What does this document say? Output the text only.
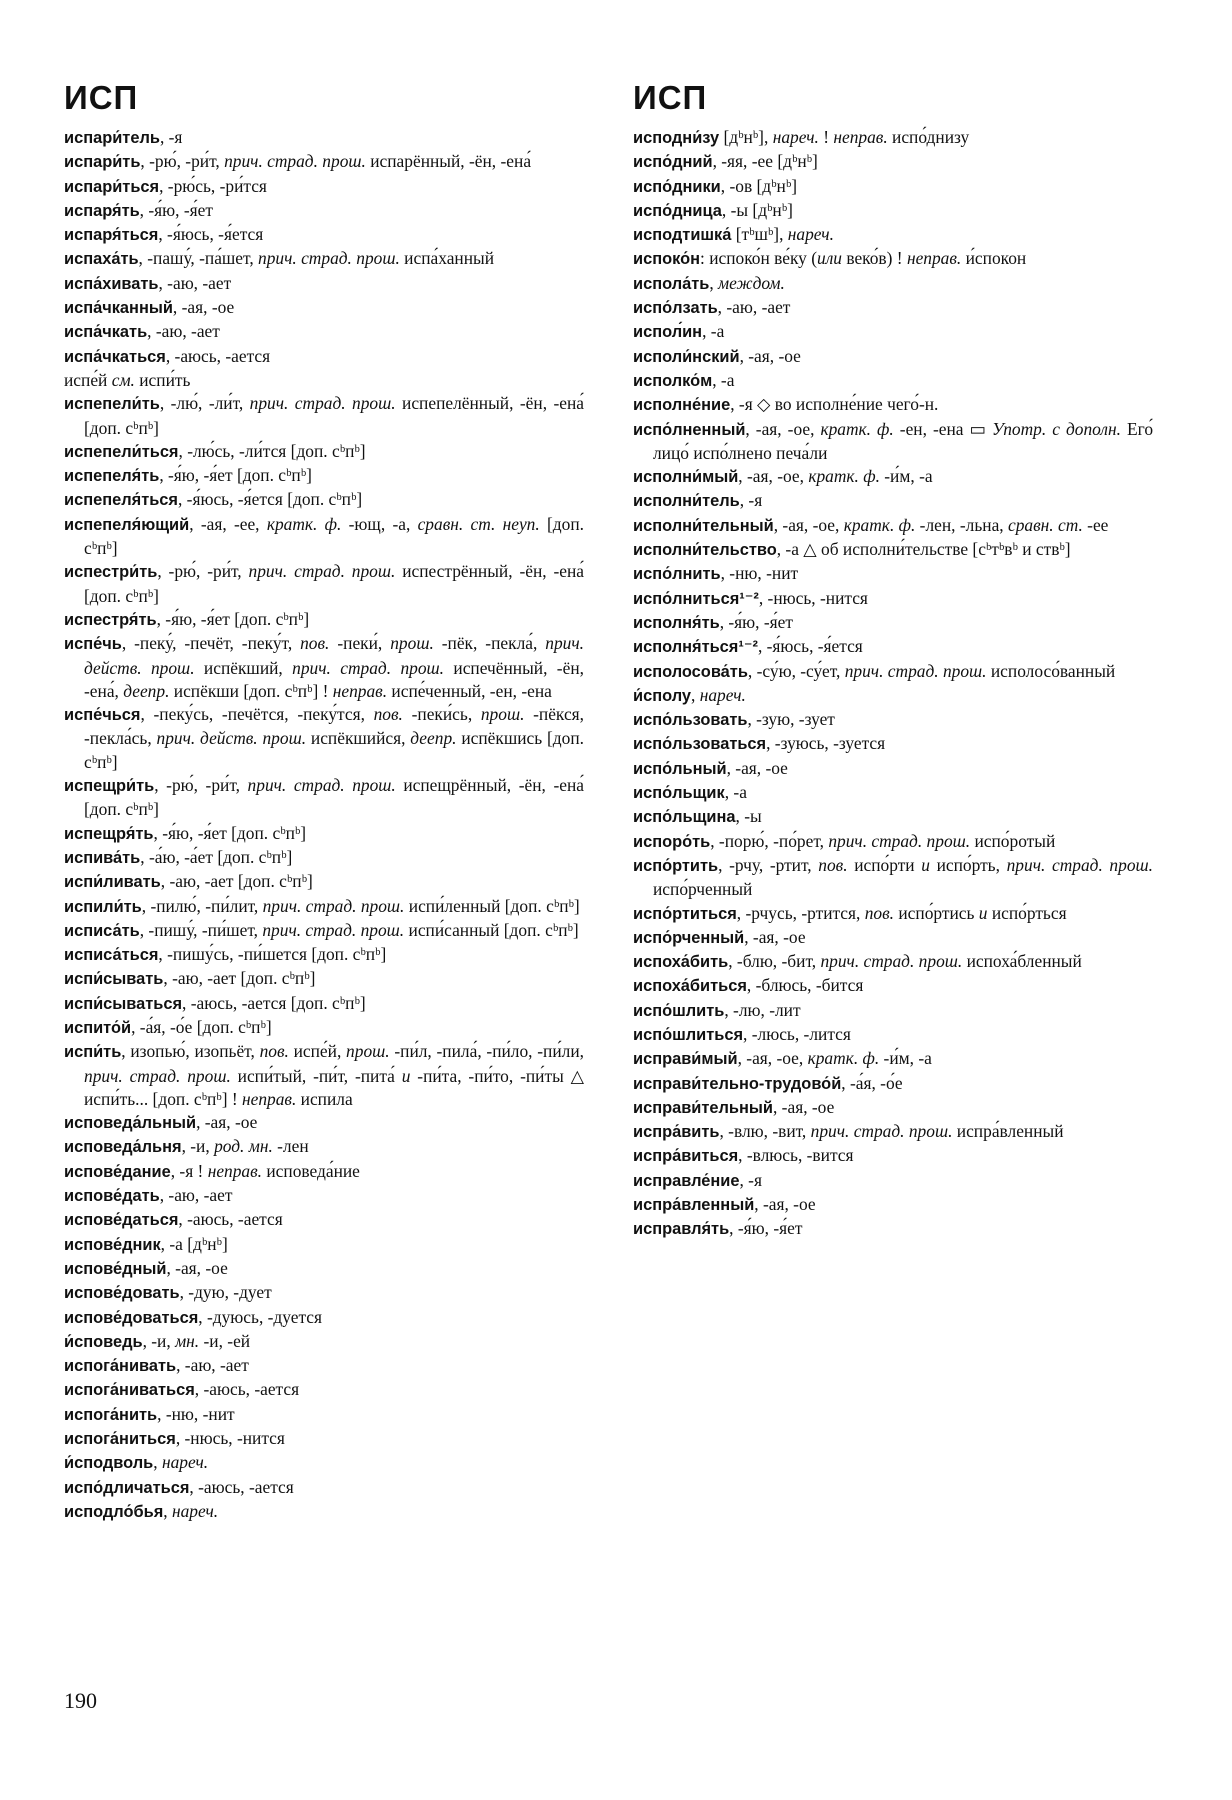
ИСП
испари́тель, -я
испари́ть, -рю́, -ри́т, прич. страд. прош. испарённый, -ён, -ена́
испари́ться, -рю́сь, -ри́тся
испаря́ть, -я́ю, -я́ет
испаря́ться, -я́юсь, -я́ется
испаха́ть, -пашу́, -па́шет, прич. страд. прош. испа́ханный
испа́хивать, -аю, -ает
испа́чканный, -ая, -ое
испа́чкать, -аю, -ает
испа́чкаться, -аюсь, -ается
испе́й см. испи́ть
испепели́ть, -лю́, -ли́т, прич. страд. прош. испепелённый, -ён, -ена́ [доп. сᵇпᵇ]
испепели́ться, -лю́сь, -ли́тся [доп. сᵇпᵇ]
испепеля́ть, -я́ю, -я́ет [доп. сᵇпᵇ]
испепеля́ться, -я́юсь, -я́ется [доп. сᵇпᵇ]
испепеля́ющий, -ая, -ее, кратк. ф. -ющ, -а, сравн. ст. неуп. [доп. сᵇпᵇ]
испестри́ть, -рю́, -ри́т, прич. страд. прош. испестрённый, -ён, -ена́ [доп. сᵇпᵇ]
испестря́ть, -я́ю, -я́ет [доп. сᵇпᵇ]
испе́чь, -пеку́, -печёт, -пеку́т, пов. -пеки́, прош. -пёк, -пекла́, прич. действ. прош. испёкший, прич. страд. прош. испечённый, -ён, -ена́, деепр. испёкши [доп. сᵇпᵇ] ! неправ. испе́ченный, -ен, -ена
испе́чься, -пеку́сь, -печётся, -пеку́тся, пов. -пеки́сь, прош. -пёкся, -пекла́сь, прич. действ. прош. испёкшийся, деепр. испёкшись [доп. сᵇпᵇ]
испещри́ть, -рю́, -ри́т, прич. страд. прош. испещрённый, -ён, -ена́ [доп. сᵇпᵇ]
испещря́ть, -я́ю, -я́ет [доп. сᵇпᵇ]
испива́ть, -а́ю, -а́ет [доп. сᵇпᵇ]
испи́ливать, -аю, -ает [доп. сᵇпᵇ]
испили́ть, -пилю́, -пи́лит, прич. страд. прош. испи́ленный [доп. сᵇпᵇ]
исписа́ть, -пишу́, -пи́шет, прич. страд. прош. испи́санный [доп. сᵇпᵇ]
исписа́ться, -пишу́сь, -пи́шется [доп. сᵇпᵇ]
испи́сывать, -аю, -ает [доп. сᵇпᵇ]
испи́сываться, -аюсь, -ается [доп. сᵇпᵇ]
испито́й, -а́я, -о́е [доп. сᵇпᵇ]
испи́ть, изопью́, изопьёт, пов. испе́й, прош. -пи́л, -пила́, -пи́ло, -пи́ли, прич. страд. прош. испи́тый, -пи́т, -пита́ и -пи́та, -пи́то, -пи́ты △ испи́ть... [доп. сᵇпᵇ] ! неправ. испила
исповеда́льный, -ая, -ое
исповеда́льня, -и, род. мн. -лен
испове́дание, -я ! неправ. исповеда́ние
испове́дать, -аю, -ает
испове́даться, -аюсь, -ается
испове́дник, -а [дᵇнᵇ]
испове́дный, -ая, -ое
испове́довать, -дую, -дует
испове́доваться, -дуюсь, -дуется
и́споведь, -и, мн. -и, -ей
испога́нивать, -аю, -ает
испога́ниваться, -аюсь, -ается
испога́нить, -ню, -нит
испога́ниться, -нюсь, -нится
и́сподволь, нареч.
испо́дличаться, -аюсь, -ается
исподло́бья, нареч.
ИСП
исподни́зу [дᵇнᵇ], нареч. ! неправ. испо́днизу
испо́дний, -яя, -ее [дᵇнᵇ]
испо́дники, -ов [дᵇнᵇ]
испо́дница, -ы [дᵇнᵇ]
исподтишка́ [тᵇшᵇ], нареч.
испоко́н: испоко́н ве́ку (или веко́в) ! неправ. и́спокон
испола́ть, междом.
испо́лзать, -аю, -ает
испол́ин, -а
исполи́нский, -ая, -ое
исполко́м, -а
исполне́ние, -я ◇ во исполне́ние чего́-н.
испо́лненный, -ая, -ое, кратк. ф. -ен, -ена ▭ Употр. с дополн. Его́ лицо́ испо́лнено печа́ли
исполни́мый, -ая, -ое, кратк. ф. -и́м, -а
исполни́тель, -я
исполни́тельный, -ая, -ое, кратк. ф. -лен, -льна, сравн. ст. -ее
исполни́тельство, -а △ об исполни́тельстве [сᵇтᵇвᵇ и ствᵇ]
испо́лнить, -ню, -нит
испо́лниться¹⁻², -нюсь, -нится
исполня́ть, -я́ю, -я́ет
исполня́ться¹⁻², -я́юсь, -я́ется
исполосова́ть, -су́ю, -су́ет, прич. страд. прош. исполосо́ванный
и́сполу, нареч.
испо́льзовать, -зую, -зует
испо́льзоваться, -зуюсь, -зуется
испо́льный, -ая, -ое
испо́льщик, -а
испо́льщина, -ы
испоро́ть, -порю́, -по́рет, прич. страд. прош. испо́ротый
испо́ртить, -рчу, -ртит, пов. испо́рти и испо́рть, прич. страд. прош. испо́рченный
испо́ртиться, -рчусь, -ртится, пов. испо́ртись и испо́рться
испо́рченный, -ая, -ое
испоха́бить, -блю, -бит, прич. страд. прош. испоха́бленный
испоха́биться, -блюсь, -бится
испо́шлить, -лю, -лит
испо́шлиться, -люсь, -лится
исправи́мый, -ая, -ое, кратк. ф. -и́м, -а
исправи́тельно-трудово́й, -а́я, -о́е
исправи́тельный, -ая, -ое
испра́вить, -влю, -вит, прич. страд. прош. испра́вленный
испра́виться, -влюсь, -вится
исправле́ние, -я
испра́вленный, -ая, -ое
исправля́ть, -я́ю, -я́ет
190
